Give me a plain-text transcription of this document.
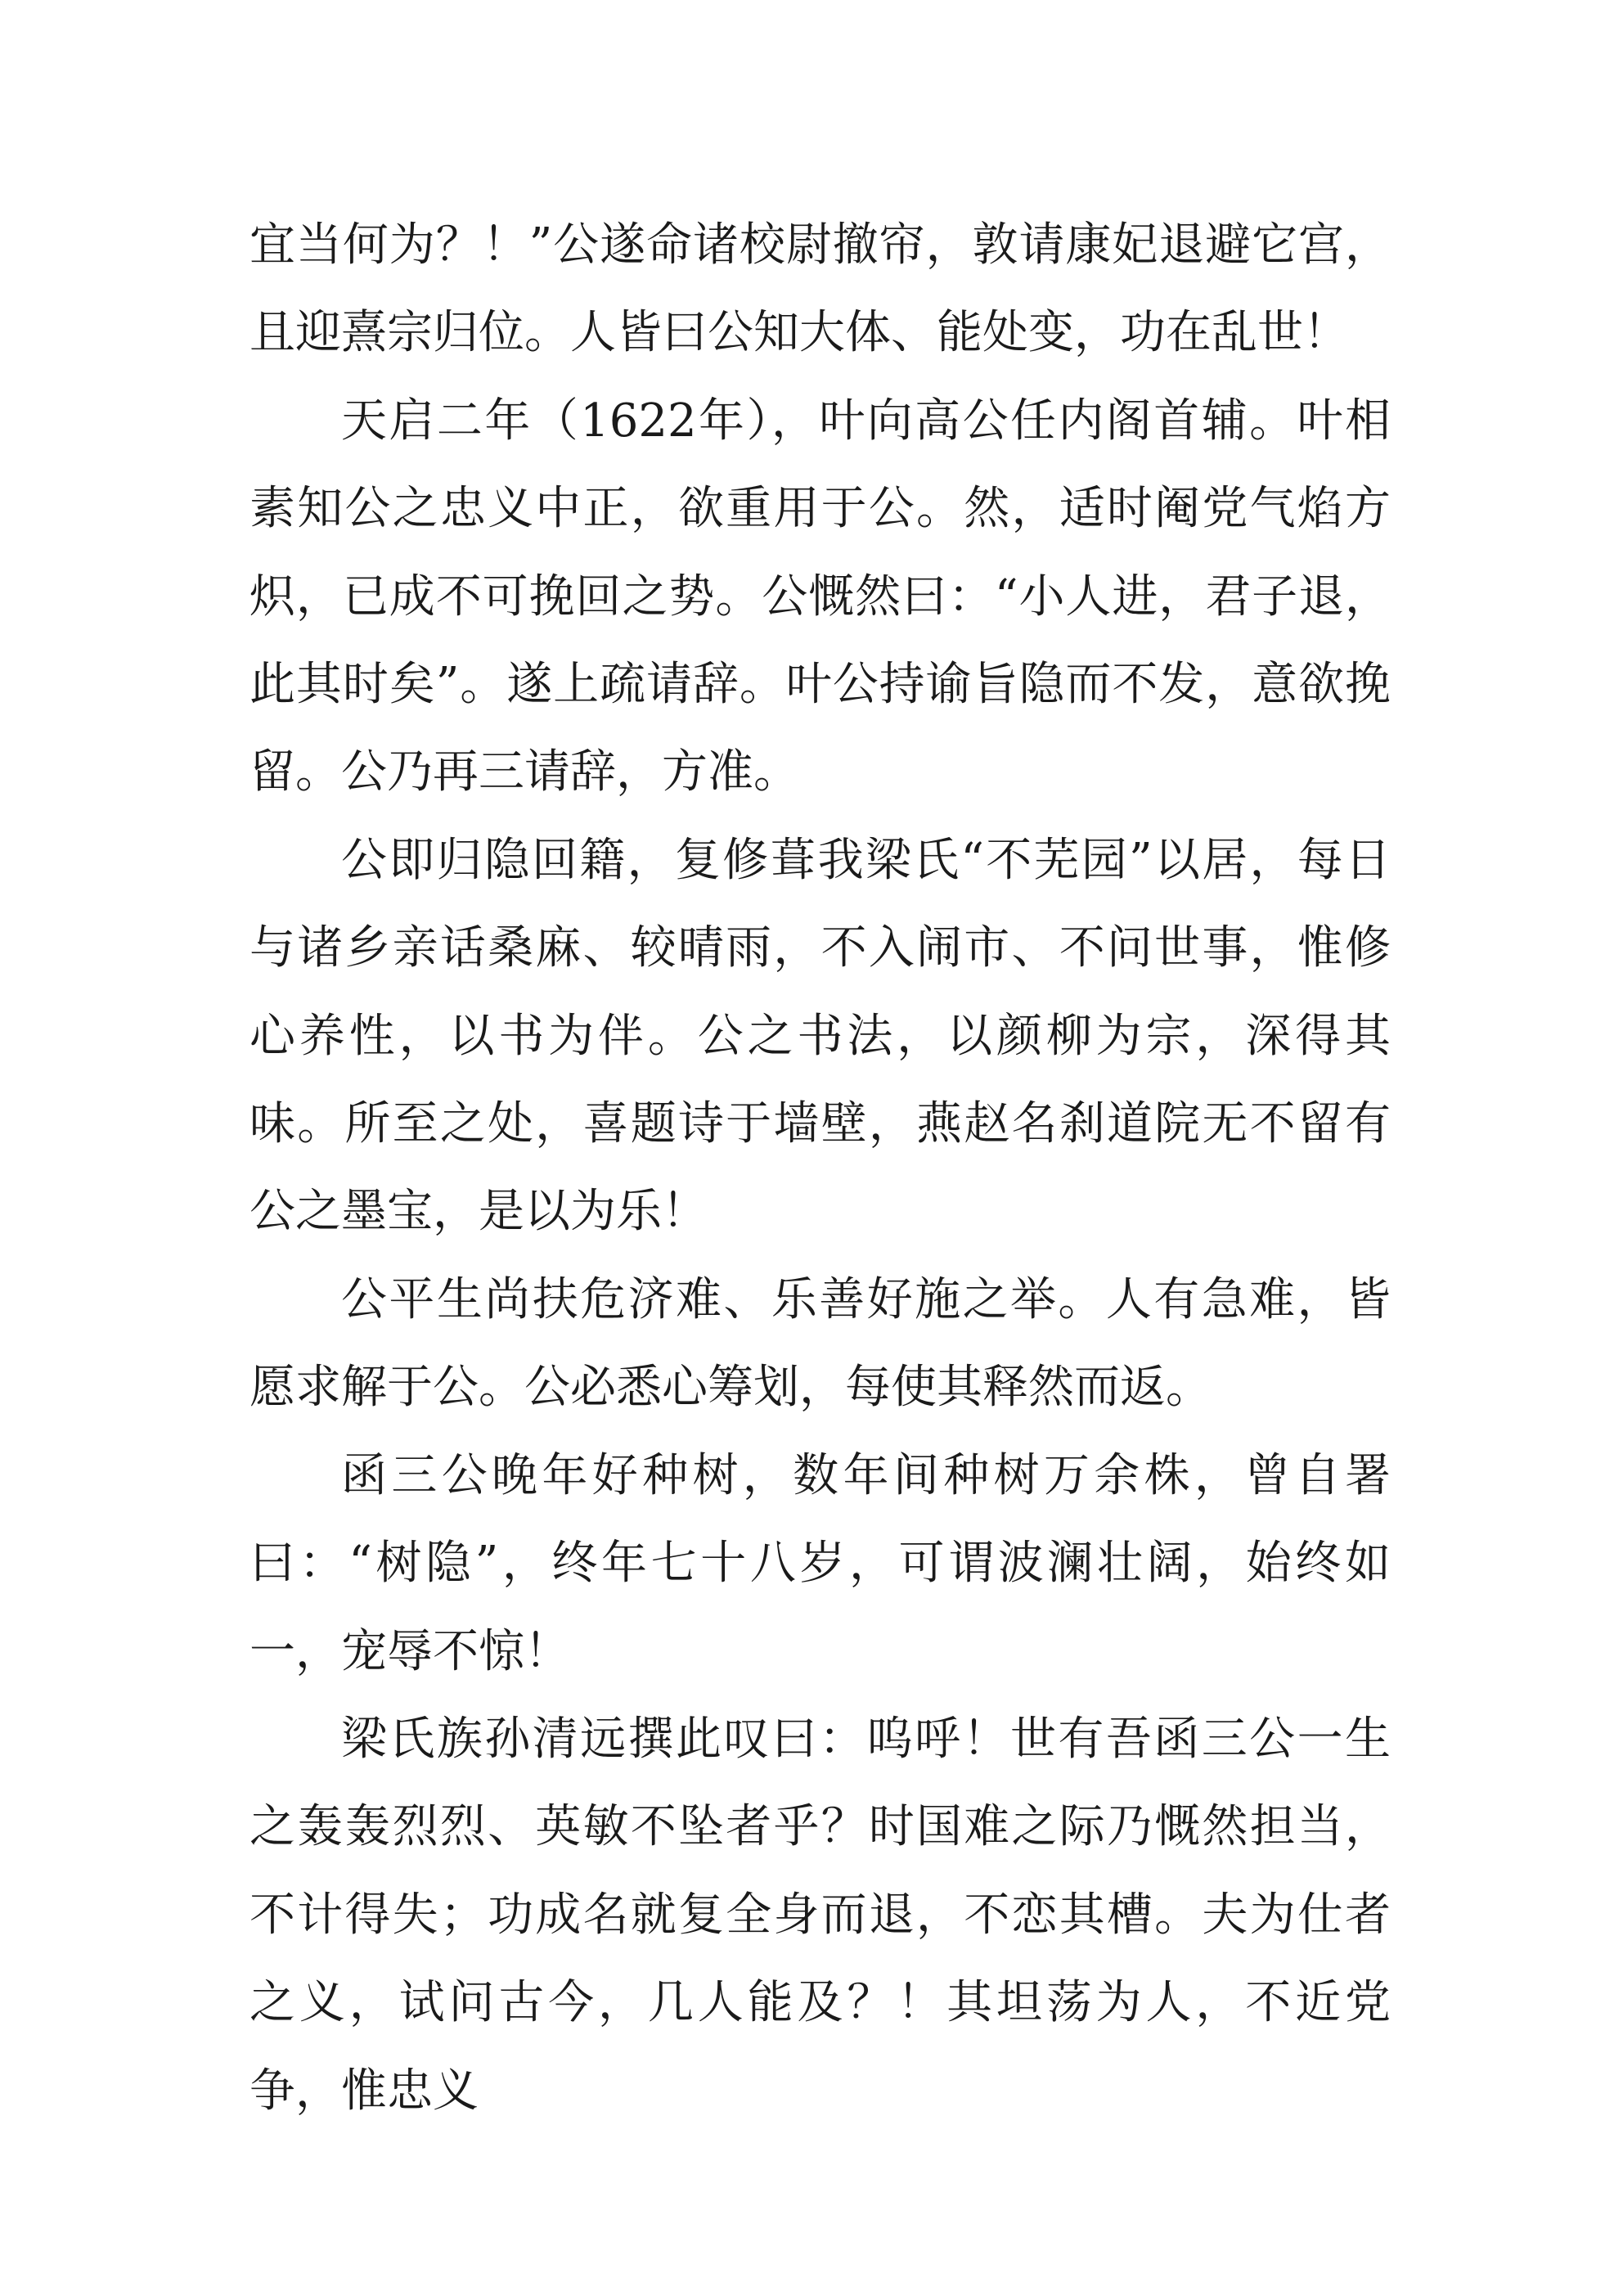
宜当何为？！”公遂命诸校尉撤帘，敦请康妃退避它宫，且迎熹宗归位。人皆曰公知大体、能处变，功在乱世！

天启二年（1622年），叶向高公任内阁首辅。叶相素知公之忠义中正，欲重用于公。然，适时阉党气焰方炽，已成不可挽回之势。公慨然曰：“小人进，君子退，此其时矣”。遂上疏请辞。叶公持谕旨隐而不发，意欲挽留。公乃再三请辞，方准。

公即归隐回籍，复修葺我梁氏“不芜园”以居，每日与诸乡亲话桑麻、较晴雨，不入闹市、不问世事，惟修心养性，以书为伴。公之书法，以颜柳为宗，深得其味。所至之处，喜题诗于墙壁，燕赵名刹道院无不留有公之墨宝，是以为乐！

公平生尚扶危济难、乐善好施之举。人有急难，皆愿求解于公。公必悉心筹划，每使其释然而返。

函三公晚年好种树，数年间种树万余株，曾自署曰：“树隐”，终年七十八岁，可谓波澜壮阔，始终如一，宠辱不惊！

梁氏族孙清远撰此叹曰：呜呼！世有吾函三公一生之轰轰烈烈、英敏不坠者乎？时国难之际乃慨然担当，不计得失；功成名就复全身而退，不恋其槽。夫为仕者之义，试问古今，几人能及？！其坦荡为人，不近党争，惟忠义
